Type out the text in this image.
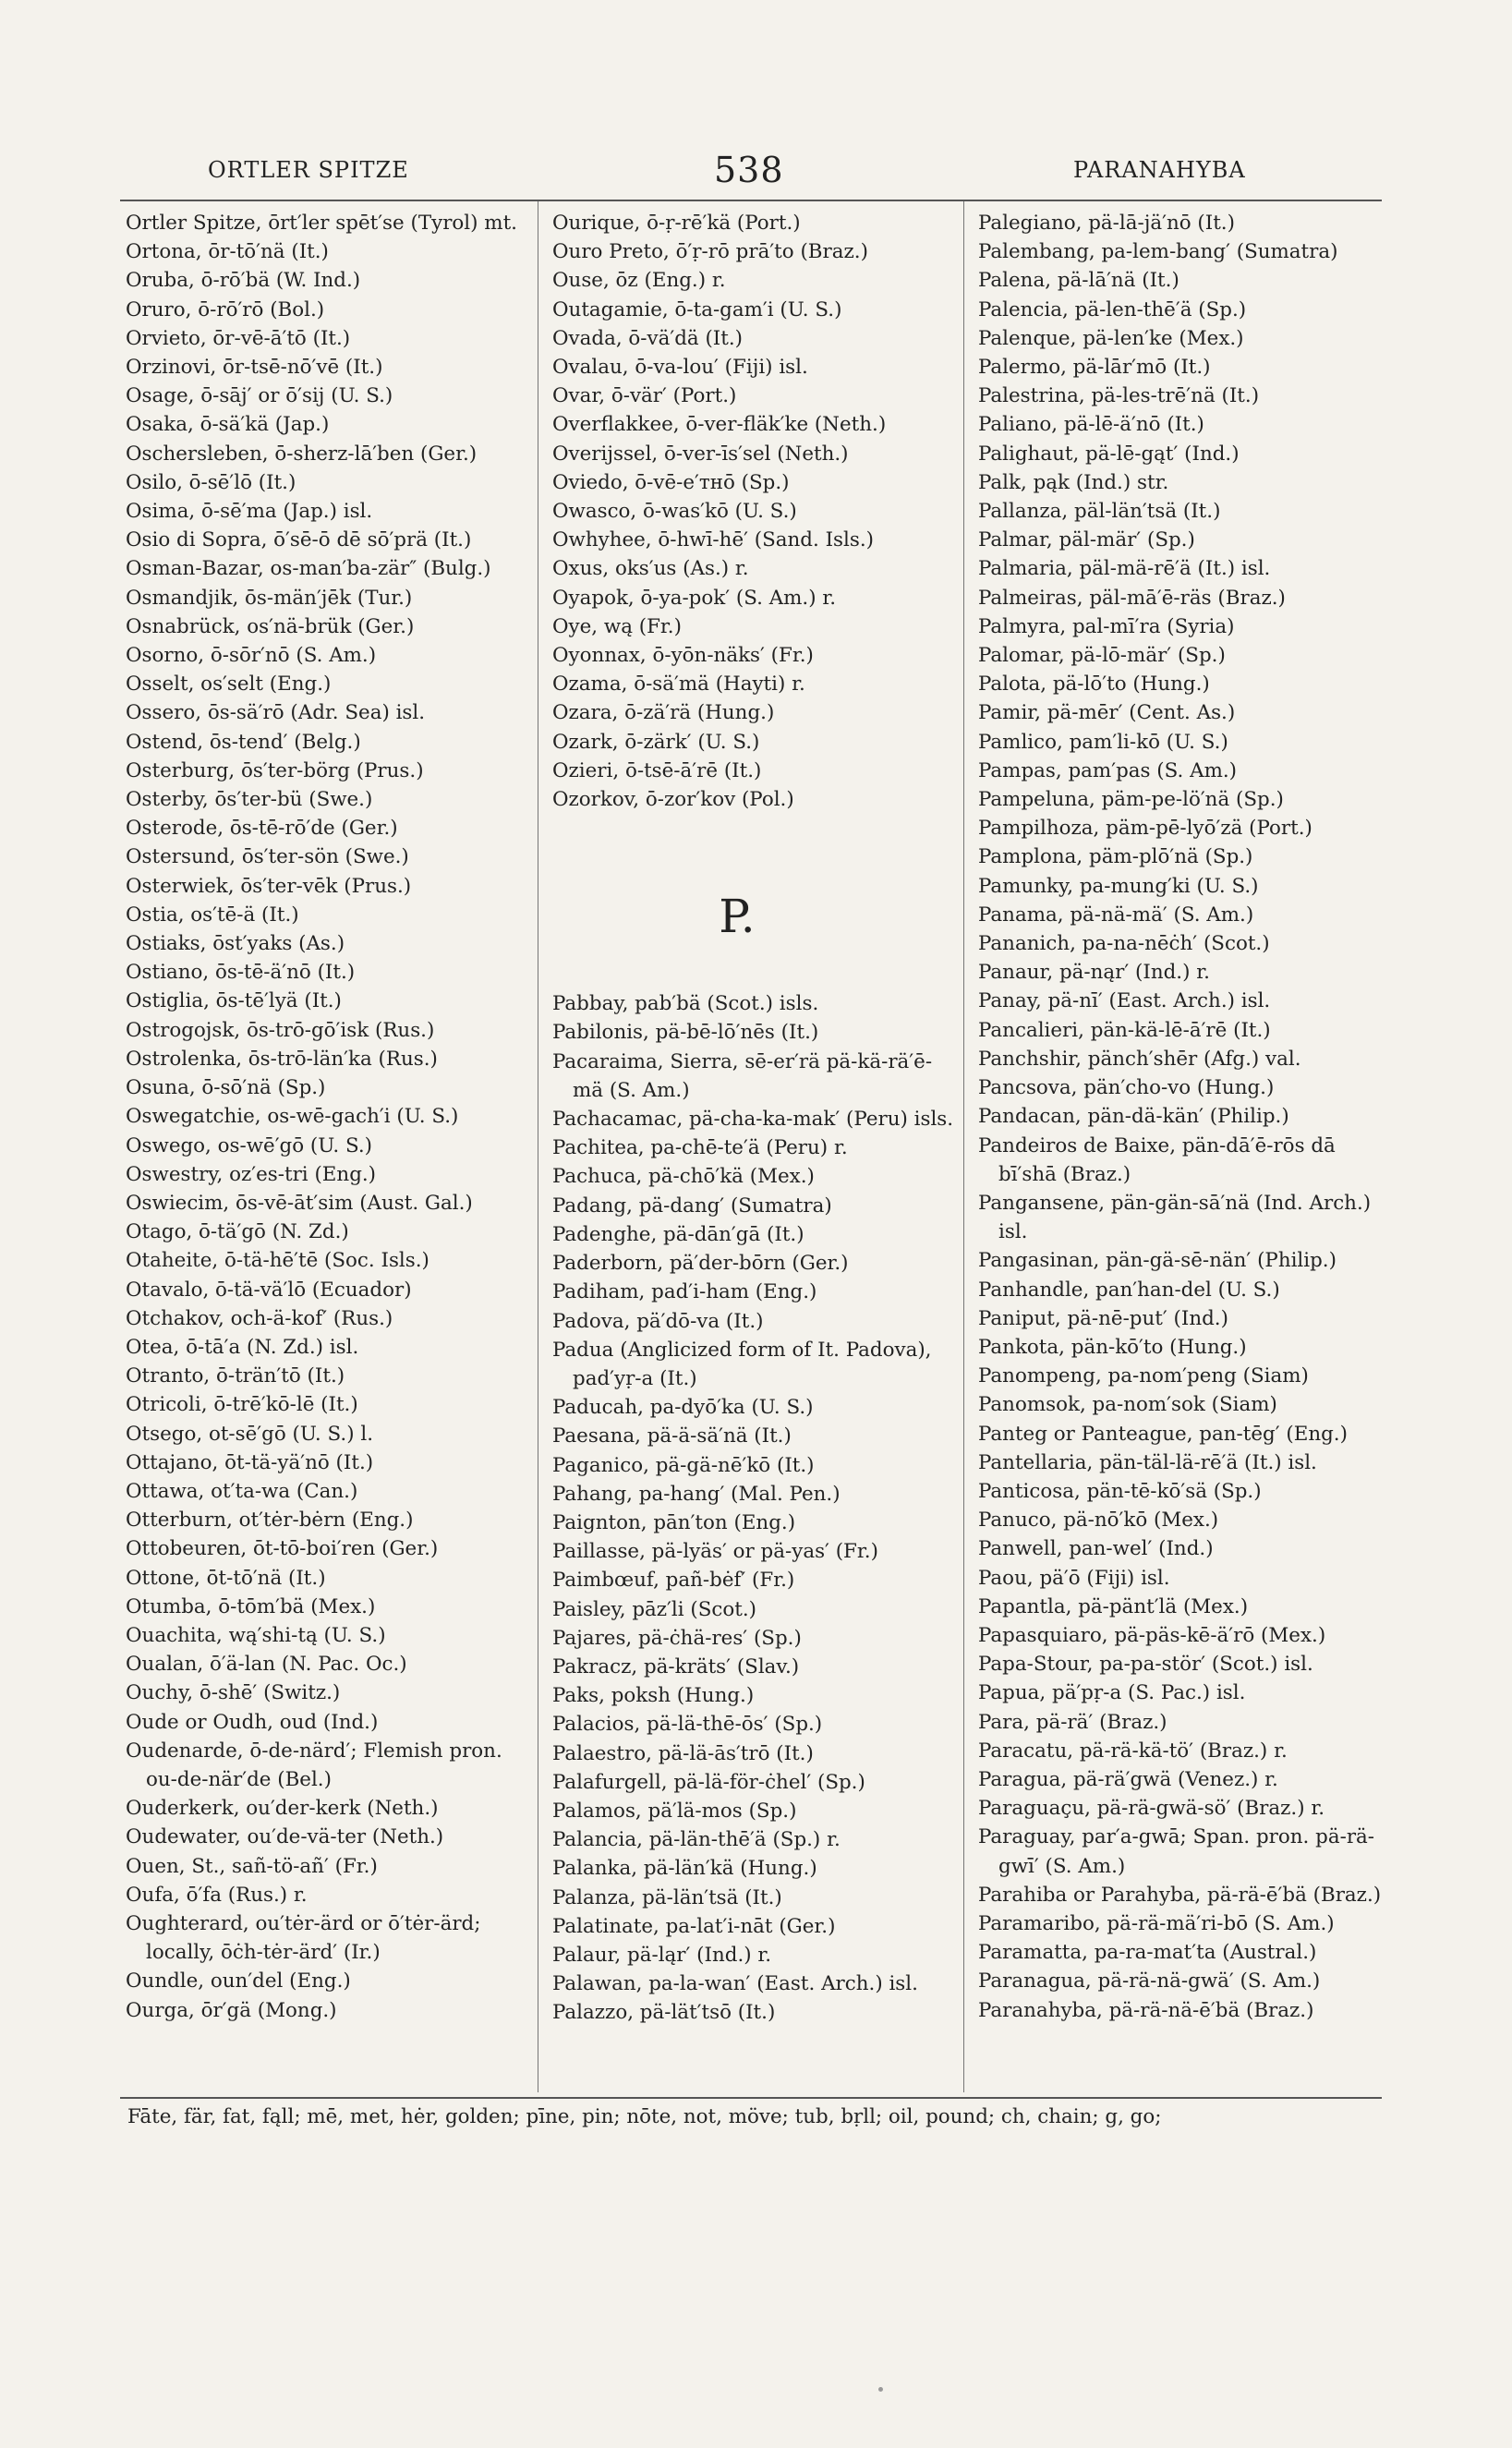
ORTLER SPITZE	538	PARANAHYBA
Ortler Spitze, ōrt′ler spēt′se (Tyrol) mt.
Ortona, ōr-tō′nä (It.)
Oruba, ō-rō′bä (W. Ind.)
Oruro, ō-rō′rō (Bol.)
Orvieto, ōr-vē-ā′tō (It.)
Orzinovi, ōr-tsē-nō′vē (It.)
Osage, ō-sāj′ or ō′sij (U. S.)
Osaka, ō-sä′kä (Jap.)
Oschersleben, ō-sherz-lā′ben (Ger.)
Osilo, ō-sē′lō (It.)
Osima, ō-sē′ma (Jap.) isl.
Osio di Sopra, ō′sē-ō dē sō′prä (It.)
Osman-Bazar, os-man′ba-zär″ (Bulg.)
Osmandjik, ōs-män′jēk (Tur.)
Osnabrück, os′nä-brük (Ger.)
Osorno, ō-sōr′nō (S. Am.)
Osselt, os′selt (Eng.)
Ossero, ōs-sä′rō (Adr. Sea) isl.
Ostend, ōs-tend′ (Belg.)
Osterburg, ōs′ter-börg (Prus.)
Osterby, ōs′ter-bü (Swe.)
Osterode, ōs-tē-rō′de (Ger.)
Ostersund, ōs′ter-sön (Swe.)
Osterwiek, ōs′ter-vēk (Prus.)
Ostia, os′tē-ä (It.)
Ostiaks, ōst′yaks (As.)
Ostiano, ōs-tē-ä′nō (It.)
Ostiglia, ōs-tē′lyä (It.)
Ostrogojsk, ōs-trō-gō′isk (Rus.)
Ostrolenka, ōs-trō-län′ka (Rus.)
Osuna, ō-sō′nä (Sp.)
Oswegatchie, os-wē-gach′i (U. S.)
Oswego, os-wē′gō (U. S.)
Oswestry, oz′es-tri (Eng.)
Oswiecim, ōs-vē-āt′sim (Aust. Gal.)
Otago, ō-tä′gō (N. Zd.)
Otaheite, ō-tä-hē′tē (Soc. Isls.)
Otavalo, ō-tä-vä′lō (Ecuador)
Otchakov, och-ä-kof′ (Rus.)
Otea, ō-tā′a (N. Zd.) isl.
Otranto, ō-trän′tō (It.)
Otricoli, ō-trē′kō-lē (It.)
Otsego, ot-sē′gō (U. S.) l.
Ottajano, ōt-tä-yä′nō (It.)
Ottawa, ot′ta-wa (Can.)
Otterburn, ot′tėr-bėrn (Eng.)
Ottobeuren, ōt-tō-boi′ren (Ger.)
Ottone, ōt-tō′nä (It.)
Otumba, ō-tōm′bä (Mex.)
Ouachita, wą′shi-tą (U. S.)
Oualan, ō′ä-lan (N. Pac. Oc.)
Ouchy, ō-shē′ (Switz.)
Oude or Oudh, oud (Ind.)
Oudenarde, ō-de-närd′; Flemish pron. ou-de-när′de (Bel.)
Ouderkerk, ou′der-kerk (Neth.)
Oudewater, ou′de-vä-ter (Neth.)
Ouen, St., sañ-tö-añ′ (Fr.)
Oufa, ō′fa (Rus.) r.
Oughterard, ou′tėr-ärd or ō′tėr-ärd; locally, ōċh-tėr-ärd′ (Ir.)
Oundle, oun′del (Eng.)
Ourga, ōr′gä (Mong.)
Ourique, ō-ṛ-rē′kä (Port.)
Ouro Preto, ō′ṛ-rō prā′to (Braz.)
Ouse, ōz (Eng.) r.
Outagamie, ō-ta-gam′i (U. S.)
Ovada, ō-vä′dä (It.)
Ovalau, ō-va-lou′ (Fiji) isl.
Ovar, ō-vär′ (Port.)
Overflakkee, ō-ver-fläk′ke (Neth.)
Overijssel, ō-ver-īs′sel (Neth.)
Oviedo, ō-vē-e′ᴛʜō (Sp.)
Owasco, ō-was′kō (U. S.)
Owhyhee, ō-hwī-hē′ (Sand. Isls.)
Oxus, oks′us (As.) r.
Oyapok, ō-ya-pok′ (S. Am.) r.
Oye, wą (Fr.)
Oyonnax, ō-yōn-näks′ (Fr.)
Ozama, ō-sä′mä (Hayti) r.
Ozara, ō-zä′rä (Hung.)
Ozark, ō-zärk′ (U. S.)
Ozieri, ō-tsē-ā′rē (It.)
Ozorkov, ō-zor′kov (Pol.)
P.
Pabbay, pab′bä (Scot.) isls.
Pabilonis, pä-bē-lō′nēs (It.)
Pacaraima, Sierra, sē-er′rä pä-kä-rä′ē-mä (S. Am.)
Pachacamac, pä-cha-ka-mak′ (Peru) isls.
Pachitea, pa-chē-te′ä (Peru) r.
Pachuca, pä-chō′kä (Mex.)
Padang, pä-dang′ (Sumatra)
Padenghe, pä-dān′gā (It.)
Paderborn, pä′der-bōrn (Ger.)
Padiham, pad′i-ham (Eng.)
Padova, pä′dō-va (It.)
Padua (Anglicized form of It. Padova), pad′yṛ-a (It.)
Paducah, pa-dyō′ka (U. S.)
Paesana, pä-ä-sä′nä (It.)
Paganico, pä-gä-nē′kō (It.)
Pahang, pa-hang′ (Mal. Pen.)
Paignton, pān′ton (Eng.)
Paillasse, pä-lyäs′ or pä-yas′ (Fr.)
Paimbœuf, pañ-bėf′ (Fr.)
Paisley, pāz′li (Scot.)
Pajares, pä-ċhä-res′ (Sp.)
Pakracz, pä-kräts′ (Slav.)
Paks, poksh (Hung.)
Palacios, pä-lä-thē-ōs′ (Sp.)
Palaestro, pä-lä-ās′trō (It.)
Palafurgell, pä-lä-för-ċhel′ (Sp.)
Palamos, pä′lä-mos (Sp.)
Palancia, pä-län-thē′ä (Sp.) r.
Palanka, pä-län′kä (Hung.)
Palanza, pä-län′tsä (It.)
Palatinate, pa-lat′i-nāt (Ger.)
Palaur, pä-ląr′ (Ind.) r.
Palawan, pa-la-wan′ (East. Arch.) isl.
Palazzo, pä-lät′tsō (It.)
Palegiano, pä-lā-jä′nō (It.)
Palembang, pa-lem-bang′ (Sumatra)
Palena, pä-lā′nä (It.)
Palencia, pä-len-thē′ä (Sp.)
Palenque, pä-len′ke (Mex.)
Palermo, pä-lār′mō (It.)
Palestrina, pä-les-trē′nä (It.)
Paliano, pä-lē-ä′nō (It.)
Palighaut, pä-lē-gąt′ (Ind.)
Palk, pąk (Ind.) str.
Pallanza, päl-län′tsä (It.)
Palmar, päl-mär′ (Sp.)
Palmaria, päl-mä-rē′ä (It.) isl.
Palmeiras, päl-mā′ē-räs (Braz.)
Palmyra, pal-mī′ra (Syria)
Palomar, pä-lō-mär′ (Sp.)
Palota, pä-lō′to (Hung.)
Pamir, pä-mēr′ (Cent. As.)
Pamlico, pam′li-kō (U. S.)
Pampas, pam′pas (S. Am.)
Pampeluna, päm-pe-lö′nä (Sp.)
Pampilhoza, päm-pē-lyō′zä (Port.)
Pamplona, päm-plō′nä (Sp.)
Pamunky, pa-mung′ki (U. S.)
Panama, pä-nä-mä′ (S. Am.)
Pananich, pa-na-nēċh′ (Scot.)
Panaur, pä-nąr′ (Ind.) r.
Panay, pä-nī′ (East. Arch.) isl.
Pancalieri, pän-kä-lē-ā′rē (It.)
Panchshir, pänch′shēr (Afg.) val.
Pancsova, pän′cho-vo (Hung.)
Pandacan, pän-dä-kän′ (Philip.)
Pandeiros de Baixe, pän-dā′ē-rōs dā bī′shā (Braz.)
Pangansene, pän-gän-sā′nä (Ind. Arch.) isl.
Pangasinan, pän-gä-sē-nän′ (Philip.)
Panhandle, pan′han-del (U. S.)
Paniput, pä-nē-put′ (Ind.)
Pankota, pän-kō′to (Hung.)
Panompeng, pa-nom′peng (Siam)
Panomsok, pa-nom′sok (Siam)
Panteg or Panteague, pan-tēg′ (Eng.)
Pantellaria, pän-täl-lä-rē′ä (It.) isl.
Panticosa, pän-tē-kō′sä (Sp.)
Panuco, pä-nō′kō (Mex.)
Panwell, pan-wel′ (Ind.)
Paou, pä′ō (Fiji) isl.
Papantla, pä-pänt′lä (Mex.)
Papasquiaro, pä-päs-kē-ä′rō (Mex.)
Papa-Stour, pa-pa-stör′ (Scot.) isl.
Papua, pä′pṛ-a (S. Pac.) isl.
Para, pä-rä′ (Braz.)
Paracatu, pä-rä-kä-tö′ (Braz.) r.
Paragua, pä-rä′gwä (Venez.) r.
Paraguaçu, pä-rä-gwä-sö′ (Braz.) r.
Paraguay, par′a-gwā; Span. pron. pä-rä-gwī′ (S. Am.)
Parahiba or Parahyba, pä-rä-ē′bä (Braz.)
Paramaribo, pä-rä-mä′ri-bō (S. Am.)
Paramatta, pa-ra-mat′ta (Austral.)
Paranagua, pä-rä-nä-gwä′ (S. Am.)
Paranahyba, pä-rä-nä-ē′bä (Braz.)
Fāte, fär, fat, fąll; mē, met, hėr, golden; pīne, pin; nōte, not, möve; tub, bṛll; oil, pound; ch, chain; g, go;
